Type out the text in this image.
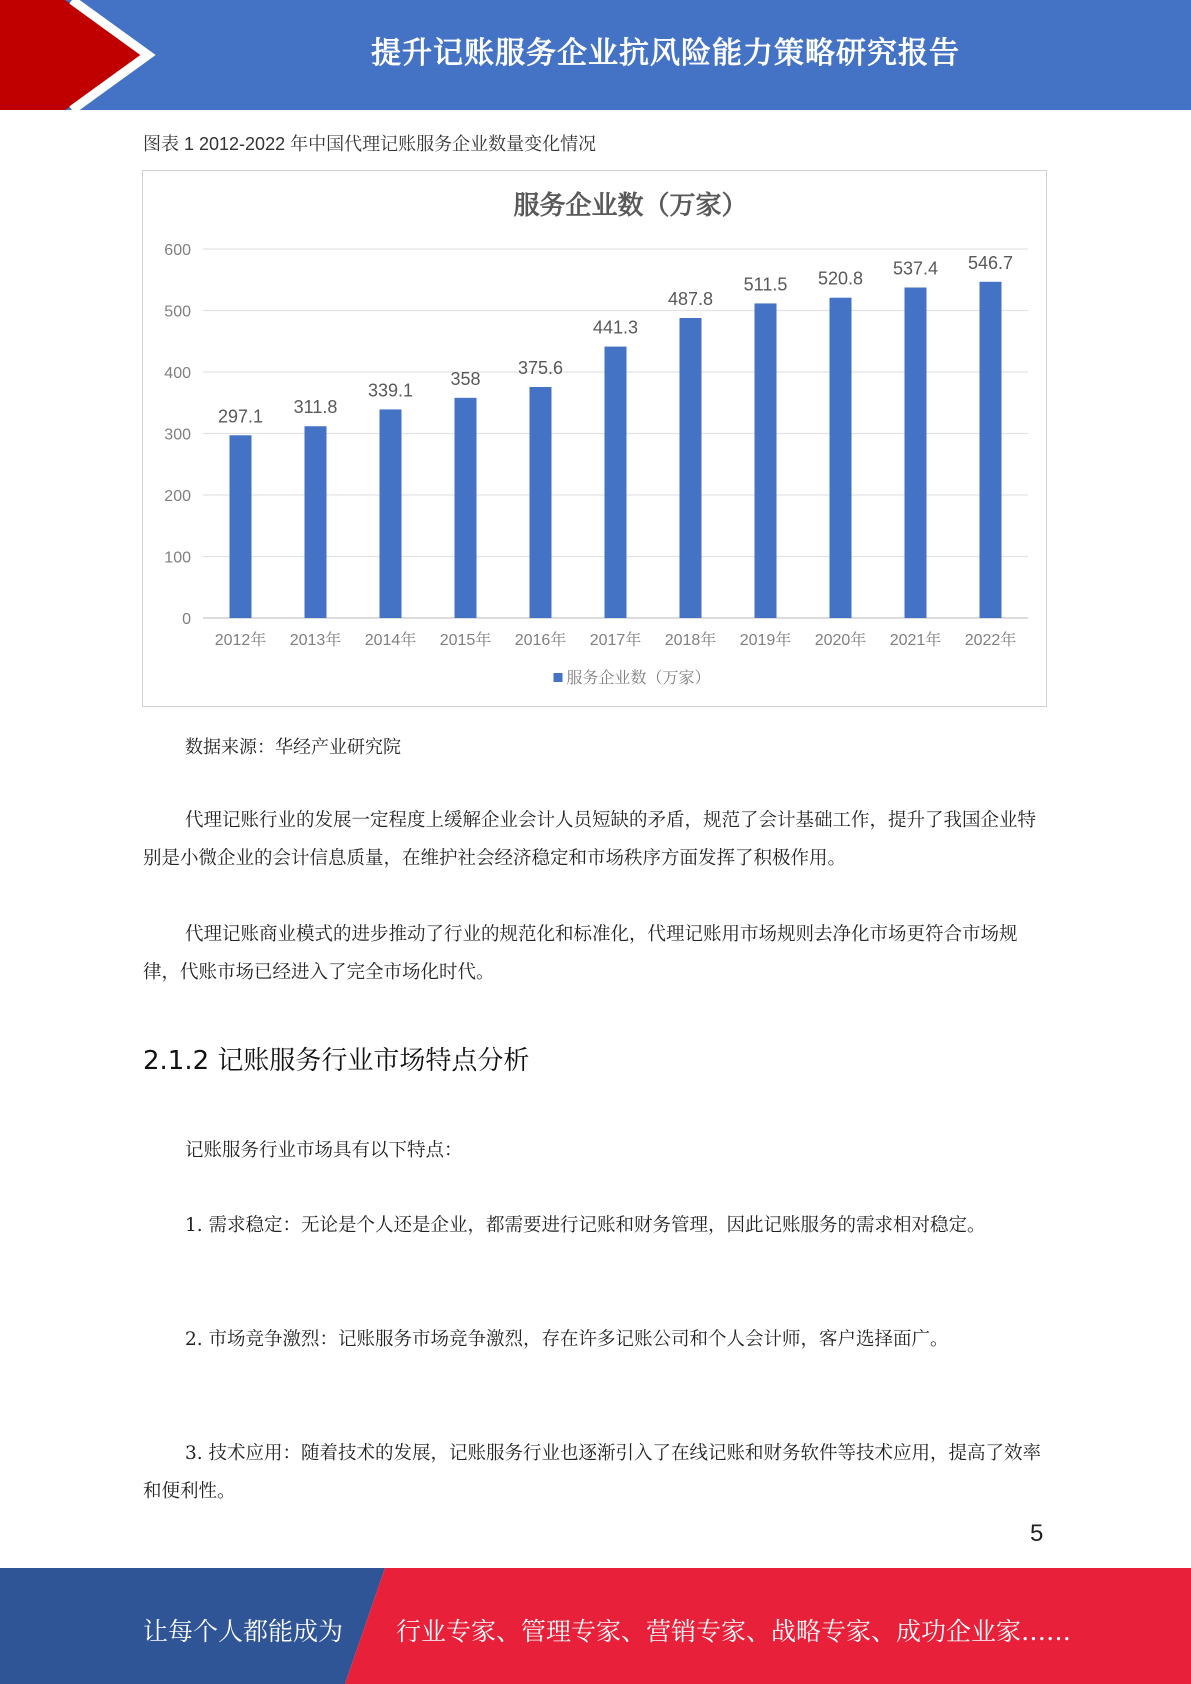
提升记账服务企业抗风险能力策略研究报告
图表 1 2012-2022 年中国代理记账服务企业数量变化情况
服务企业数（万家）
0
100
200
300
400
500
600
297.1
2012年
311.8
2013年
339.1
2014年
358
2015年
375.6
2016年
441.3
2017年
487.8
2018年
511.5
2019年
520.8
2020年
537.4
2021年
546.7
2022年
服务企业数（万家）
数据来源：华经产业研究院

代理记账行业的发展一定程度上缓解企业会计人员短缺的矛盾，规范了会计基础工作，提升了我国企业特别是小微企业的会计信息质量，在维护社会经济稳定和市场秩序方面发挥了积极作用。

代理记账商业模式的进步推动了行业的规范化和标准化，代理记账用市场规则去净化市场更符合市场规律，代账市场已经进入了完全市场化时代。

2.1.2 记账服务行业市场特点分析

记账服务行业市场具有以下特点：

1. 需求稳定：无论是个人还是企业，都需要进行记账和财务管理，因此记账服务的需求相对稳定。

2. 市场竞争激烈：记账服务市场竞争激烈，存在许多记账公司和个人会计师，客户选择面广。

3. 技术应用：随着技术的发展，记账服务行业也逐渐引入了在线记账和财务软件等技术应用，提高了效率和便利性。

5
让每个人都能成为 行业专家、管理专家、营销专家、战略专家、成功企业家……
